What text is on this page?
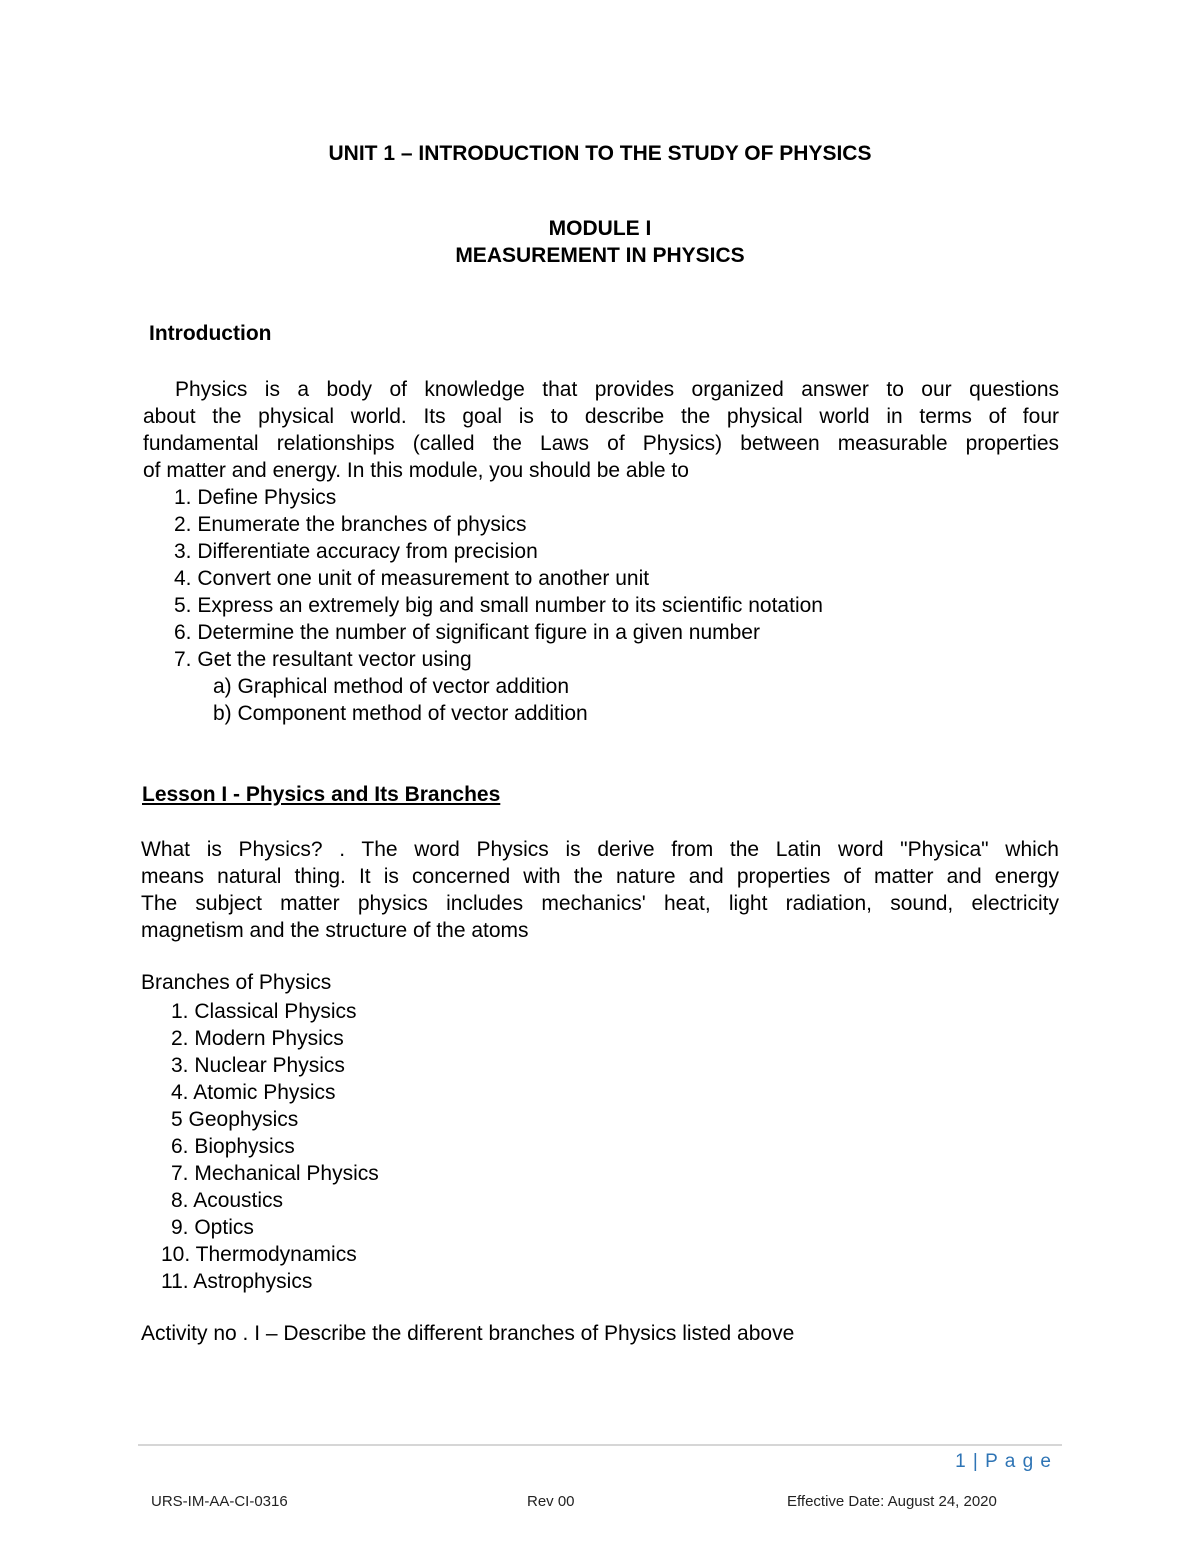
UNIT 1 – INTRODUCTION TO THE STUDY OF PHYSICS
MODULE I
MEASUREMENT IN PHYSICS
Introduction
Physics is a body of knowledge that provides organized answer to our questions
about the physical world. Its goal is to describe the physical world in terms of four
fundamental relationships (called the Laws of Physics) between measurable properties
of matter and energy. In this module, you should be able to
1. Define Physics
2. Enumerate the branches of physics
3. Differentiate accuracy from precision
4. Convert one unit of measurement to another unit
5. Express an extremely big and small number to its scientific notation
6. Determine the number of significant figure in a given number
7. Get the resultant vector using
a) Graphical method of vector addition
b) Component method of vector addition
Lesson I - Physics and Its Branches
What is Physics? . The word Physics is derive from the Latin word "Physica" which
means natural thing. It is concerned with the nature and properties of matter and energy
The subject matter physics includes mechanics' heat, light radiation, sound, electricity
magnetism and the structure of the atoms
Branches of Physics
1. Classical Physics
2. Modern Physics
3. Nuclear Physics
4. Atomic Physics
5 Geophysics
6. Biophysics
7. Mechanical Physics
8. Acoustics
9. Optics
10. Thermodynamics
11. Astrophysics
Activity no . I – Describe the different branches of Physics listed above
1 | P a g e
URS-IM-AA-CI-0316	Rev 00	Effective Date: August 24, 2020
